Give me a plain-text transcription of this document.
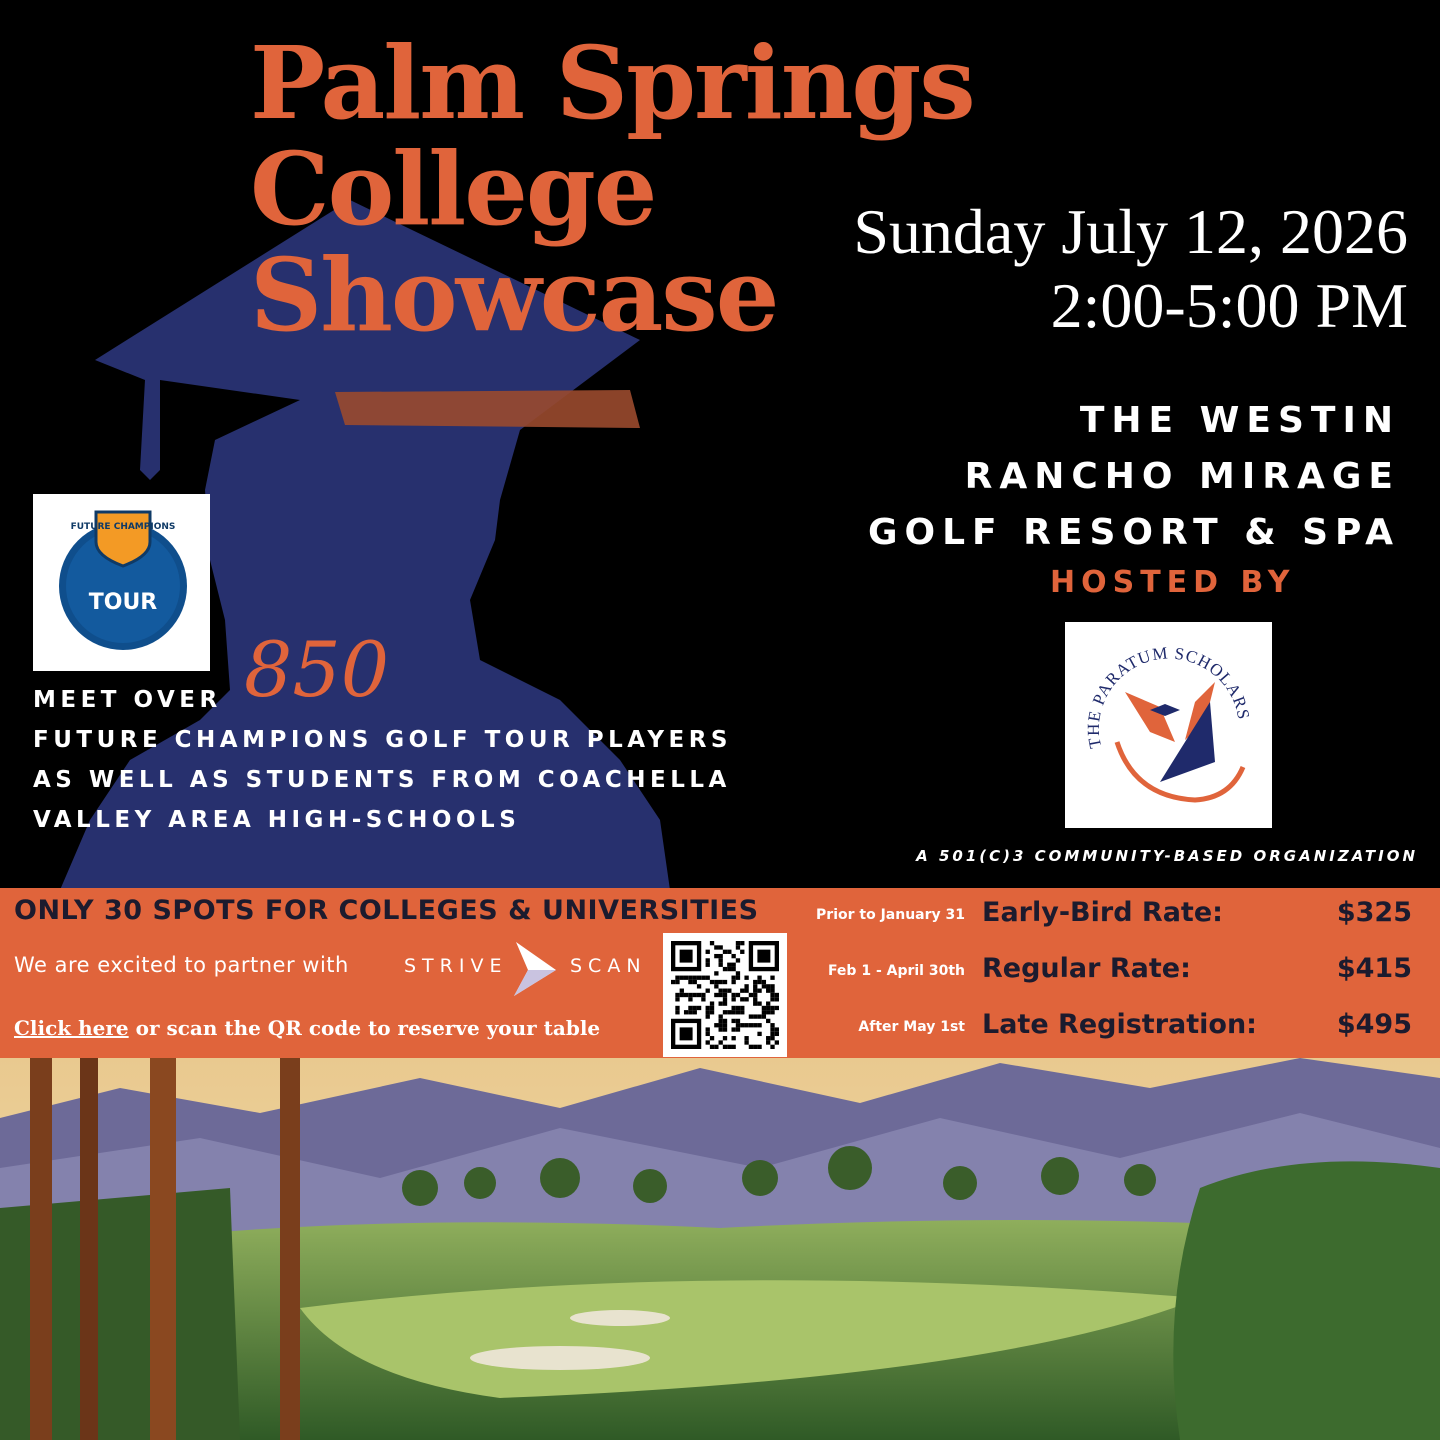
Palm Springs
College
Showcase
Sunday July 12, 2026
2:00-5:00 PM
THE WESTIN
RANCHO MIRAGE
GOLF RESORT & SPA
HOSTED BY
THE PARATUM SCHOLARS
A 501(C)3 COMMUNITY-BASED ORGANIZATION
FUTURE CHAMPIONS
TOUR
850
MEET OVER
FUTURE CHAMPIONS GOLF TOUR PLAYERS
AS WELL AS STUDENTS FROM COACHELLA
VALLEY AREA HIGH-SCHOOLS
ONLY 30 SPOTS FOR COLLEGES & UNIVERSITIES
We are excited to partner with	STRIVE	SCAN
Click here or scan the QR code to reserve your table
Prior to January 31 Early-Bird Rate:	$325
Feb 1 - April 30th Regular Rate:	$415
After May 1st Late Registration:	$495
